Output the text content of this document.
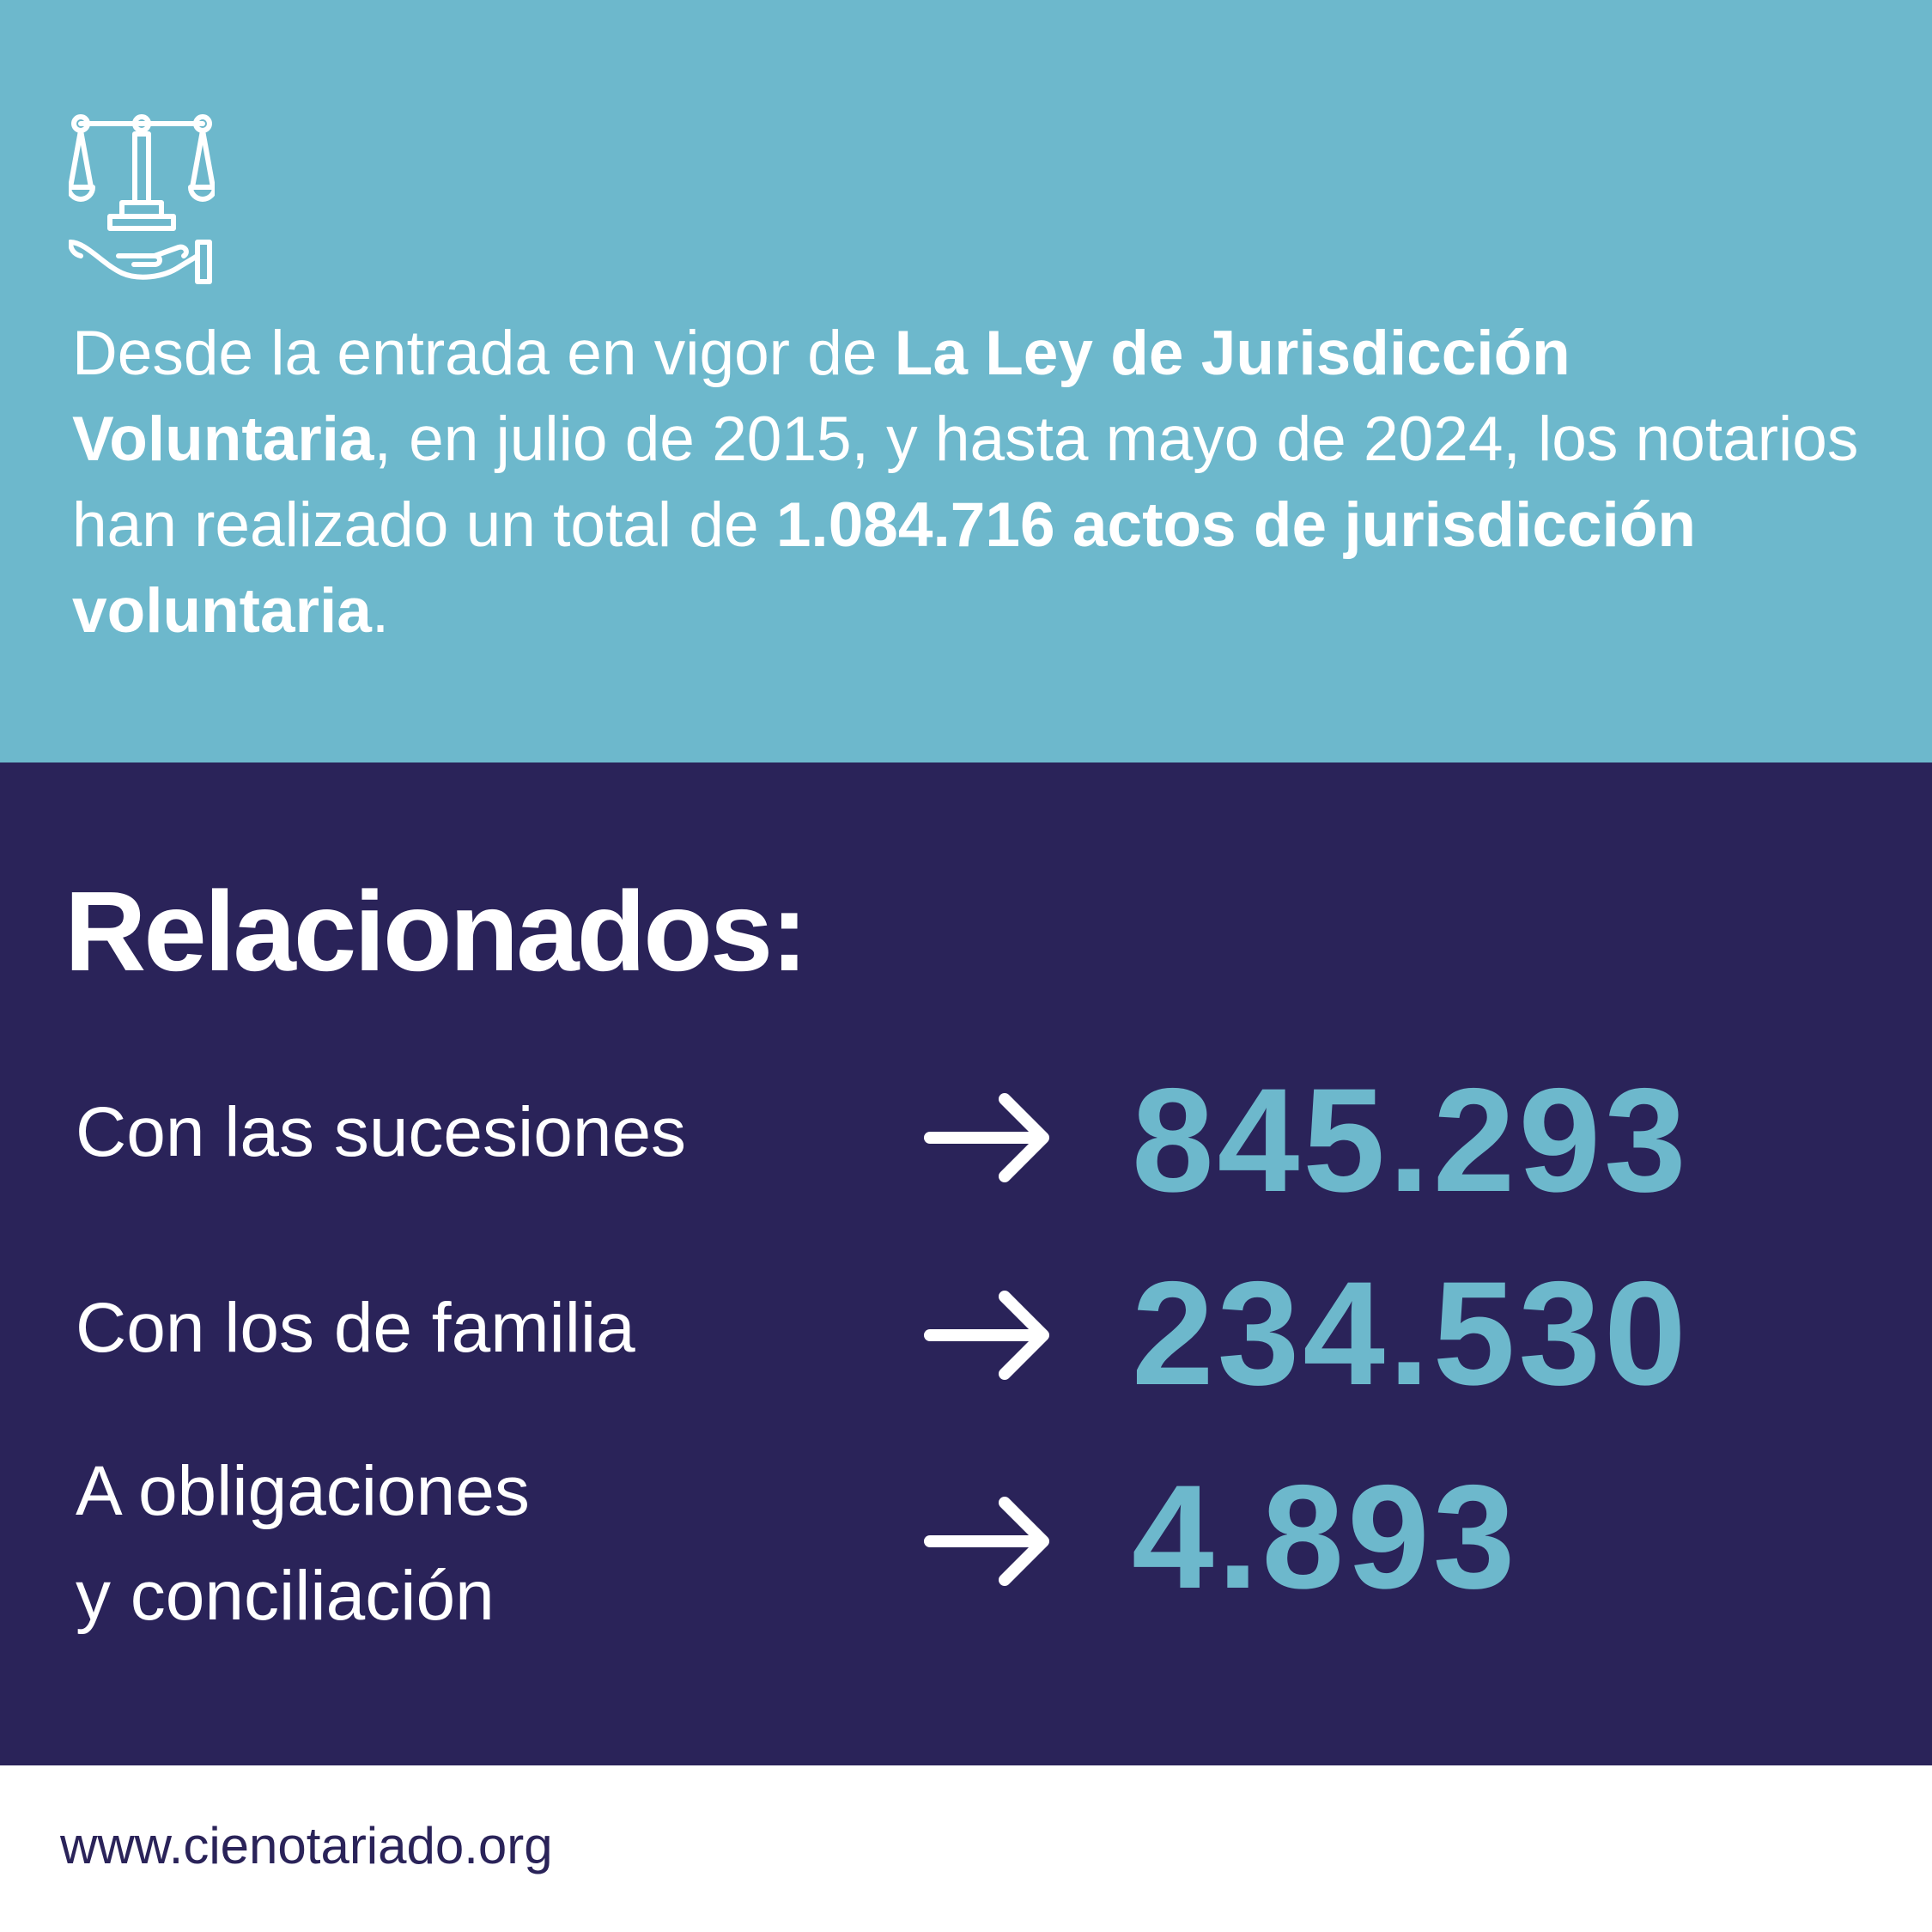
Desde la entrada en vigor de La Ley de Jurisdicción Voluntaria, en julio de 2015, y hasta mayo de 2024, los notarios han realizado un total de 1.084.716 actos de jurisdicción voluntaria.
Relacionados:
Con las sucesiones	845.293
Con los de familia	234.530
A obligaciones
y conciliación	4.893
www.cienotariado.org
